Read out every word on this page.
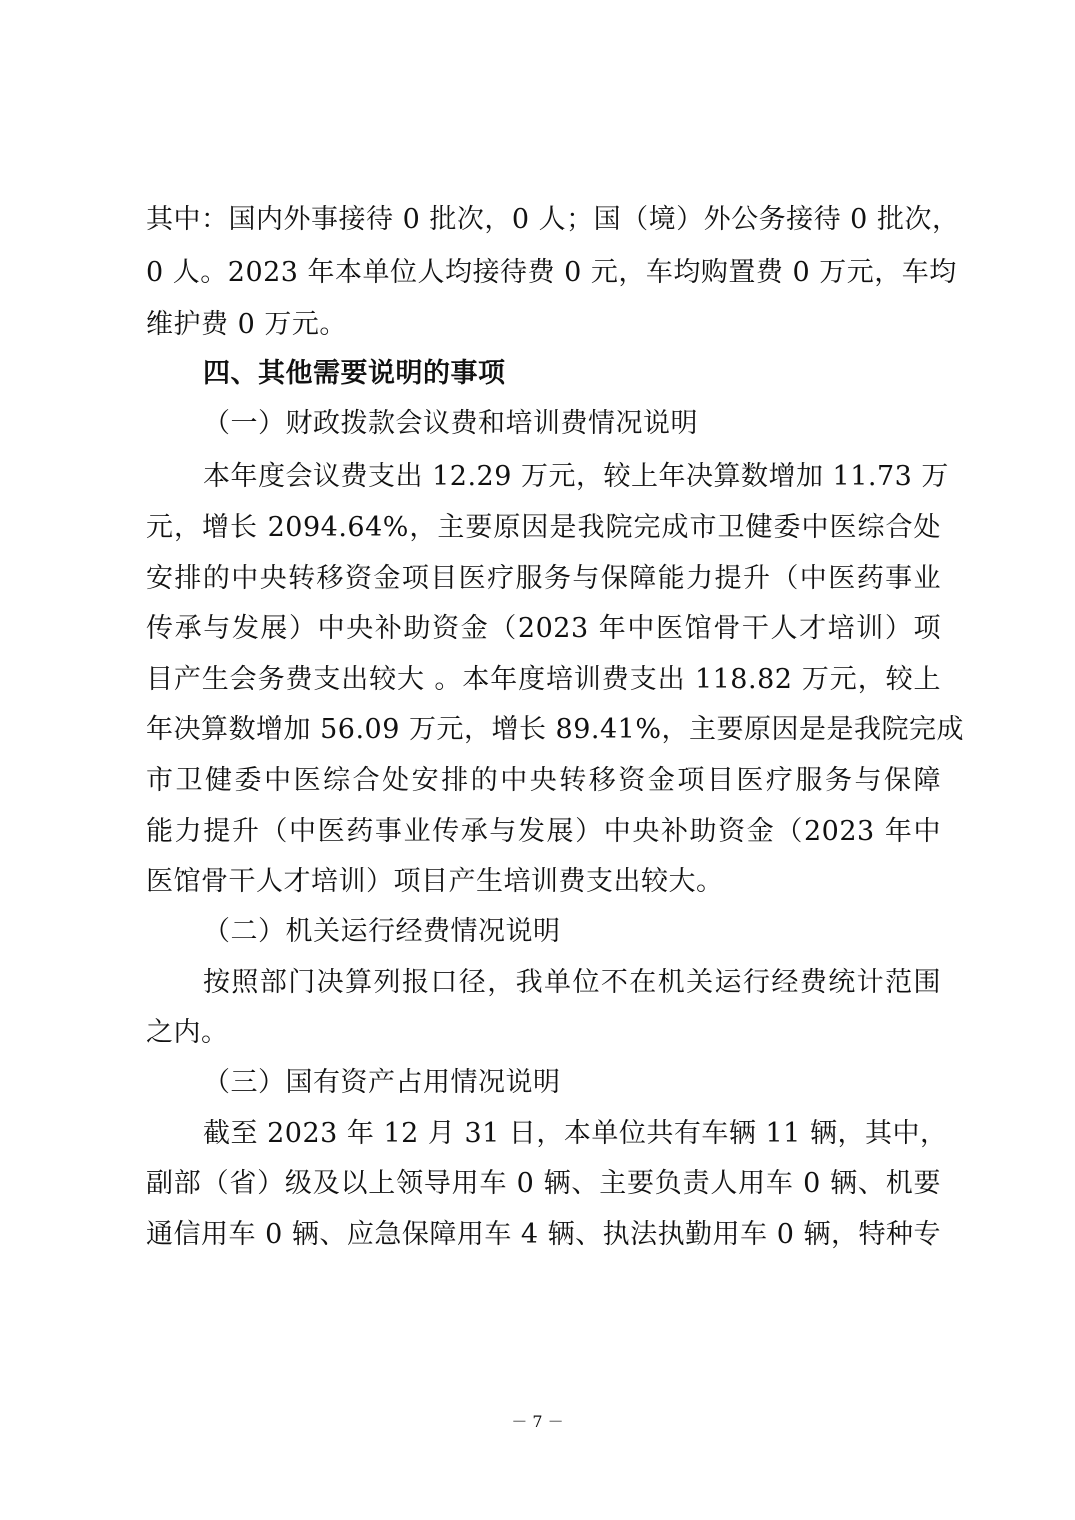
其中：国内外事接待 0 批次，0 人；国（境）外公务接待 0 批次，
0 人。2023 年本单位人均接待费 0 元，车均购置费 0 万元，车均
维护费 0 万元。
四、其他需要说明的事项
（一）财政拨款会议费和培训费情况说明
本年度会议费支出 12.29 万元，较上年决算数增加 11.73 万
元，增长 2094.64%，主要原因是我院完成市卫健委中医综合处
安排的中央转移资金项目医疗服务与保障能力提升（中医药事业
传承与发展）中央补助资金（2023 年中医馆骨干人才培训）项
目产生会务费支出较大 。本年度培训费支出 118.82 万元，较上
年决算数增加 56.09 万元，增长 89.41%，主要原因是是我院完成
市卫健委中医综合处安排的中央转移资金项目医疗服务与保障
能力提升（中医药事业传承与发展）中央补助资金（2023 年中
医馆骨干人才培训）项目产生培训费支出较大。
（二）机关运行经费情况说明
按照部门决算列报口径，我单位不在机关运行经费统计范围
之内。
（三）国有资产占用情况说明
截至 2023 年 12 月 31 日，本单位共有车辆 11 辆，其中，
副部（省）级及以上领导用车 0 辆、主要负责人用车 0 辆、机要
通信用车 0 辆、应急保障用车 4 辆、执法执勤用车 0 辆，特种专
－ 7 －
